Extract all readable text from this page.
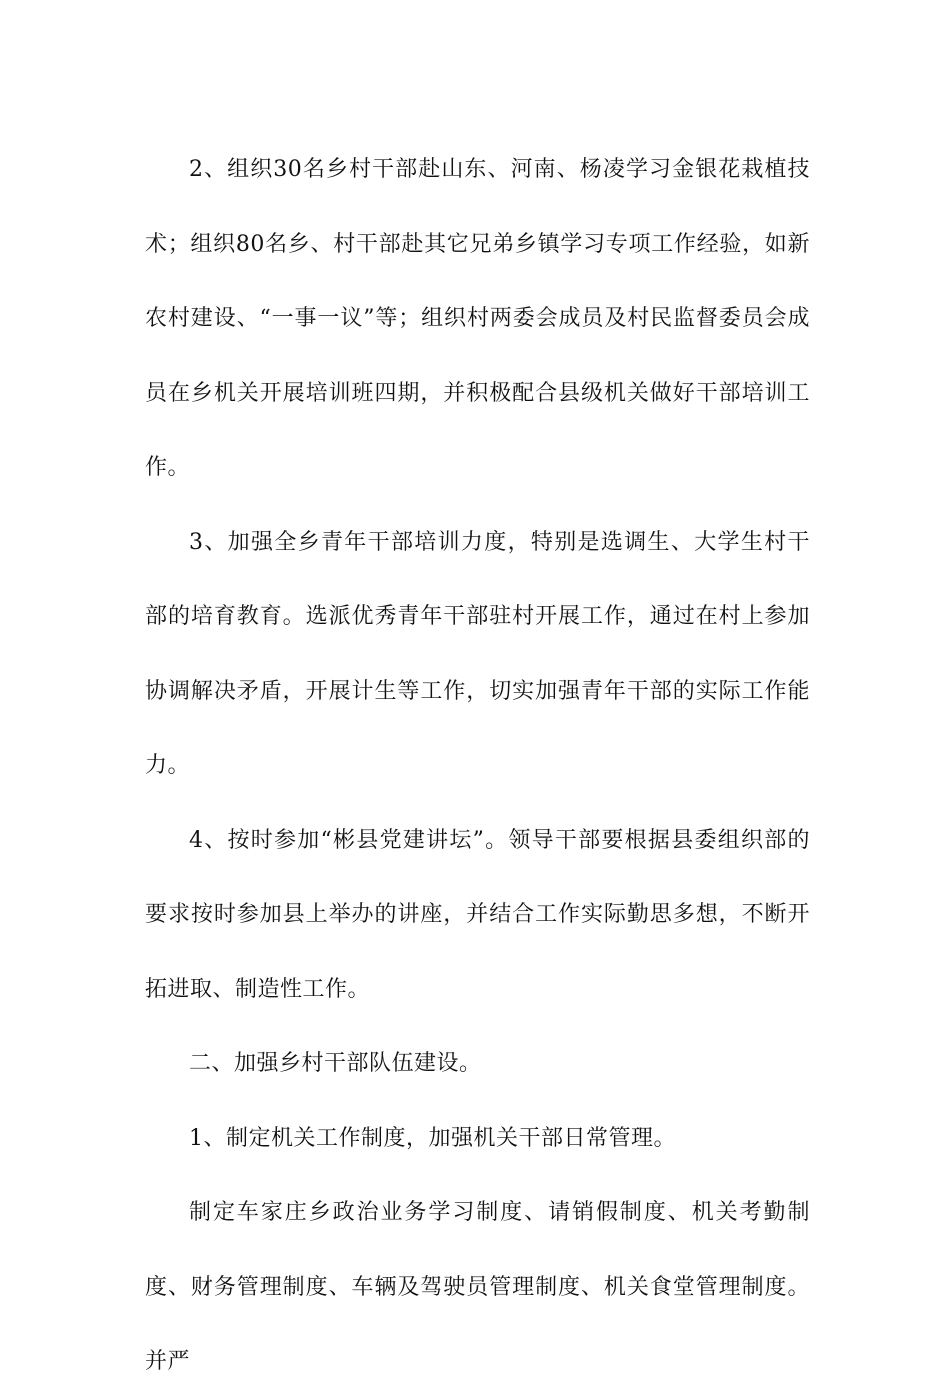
2、组织30名乡村干部赴山东、河南、杨凌学习金银花栽植技术；组织80名乡、村干部赴其它兄弟乡镇学习专项工作经验，如新农村建设、“一事一议”等；组织村两委会成员及村民监督委员会成员在乡机关开展培训班四期，并积极配合县级机关做好干部培训工作。

3、加强全乡青年干部培训力度，特别是选调生、大学生村干部的培育教育。选派优秀青年干部驻村开展工作，通过在村上参加协调解决矛盾，开展计生等工作，切实加强青年干部的实际工作能力。

4、按时参加“彬县党建讲坛”。领导干部要根据县委组织部的要求按时参加县上举办的讲座，并结合工作实际勤思多想，不断开拓进取、制造性工作。

二、加强乡村干部队伍建设。

1、制定机关工作制度，加强机关干部日常管理。

制定车家庄乡政治业务学习制度、请销假制度、机关考勤制度、财务管理制度、车辆及驾驶员管理制度、机关食堂管理制度。并严
